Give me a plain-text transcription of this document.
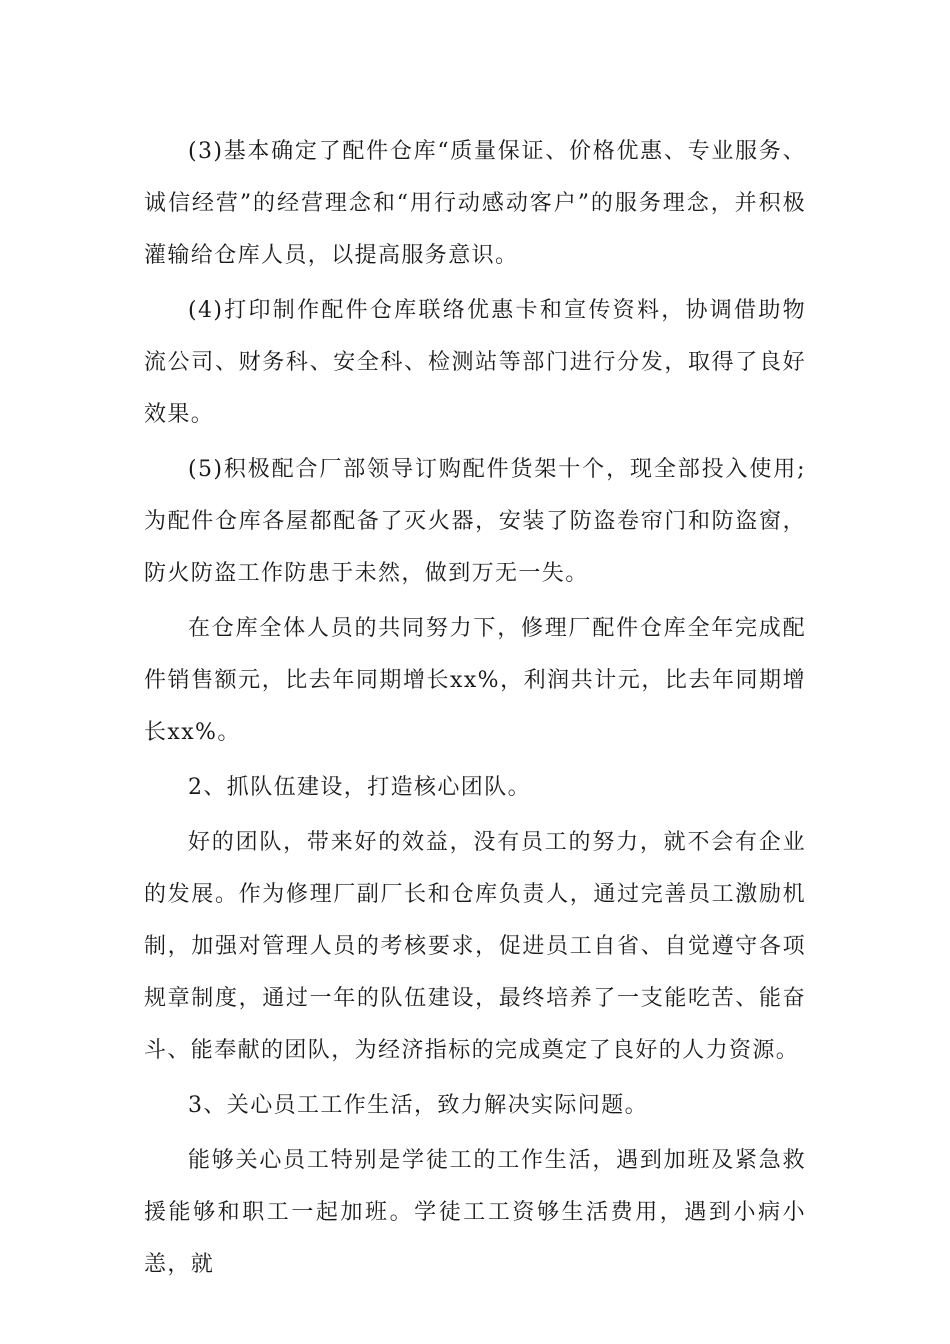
(3)基本确定了配件仓库“质量保证、价格优惠、专业服务、诚信经营”的经营理念和“用行动感动客户”的服务理念，并积极灌输给仓库人员，以提高服务意识。

(4)打印制作配件仓库联络优惠卡和宣传资料，协调借助物流公司、财务科、安全科、检测站等部门进行分发，取得了良好效果。

(5)积极配合厂部领导订购配件货架十个，现全部投入使用;为配件仓库各屋都配备了灭火器，安装了防盗卷帘门和防盗窗，防火防盗工作防患于未然，做到万无一失。

在仓库全体人员的共同努力下，修理厂配件仓库全年完成配件销售额元，比去年同期增长xx%，利润共计元，比去年同期增长xx%。

2、抓队伍建设，打造核心团队。

好的团队，带来好的效益，没有员工的努力，就不会有企业的发展。作为修理厂副厂长和仓库负责人，通过完善员工激励机制，加强对管理人员的考核要求，促进员工自省、自觉遵守各项规章制度，通过一年的队伍建设，最终培养了一支能吃苦、能奋斗、能奉献的团队，为经济指标的完成奠定了良好的人力资源。

3、关心员工工作生活，致力解决实际问题。

能够关心员工特别是学徒工的工作生活，遇到加班及紧急救援能够和职工一起加班。学徒工工资够生活费用，遇到小病小恙，就
